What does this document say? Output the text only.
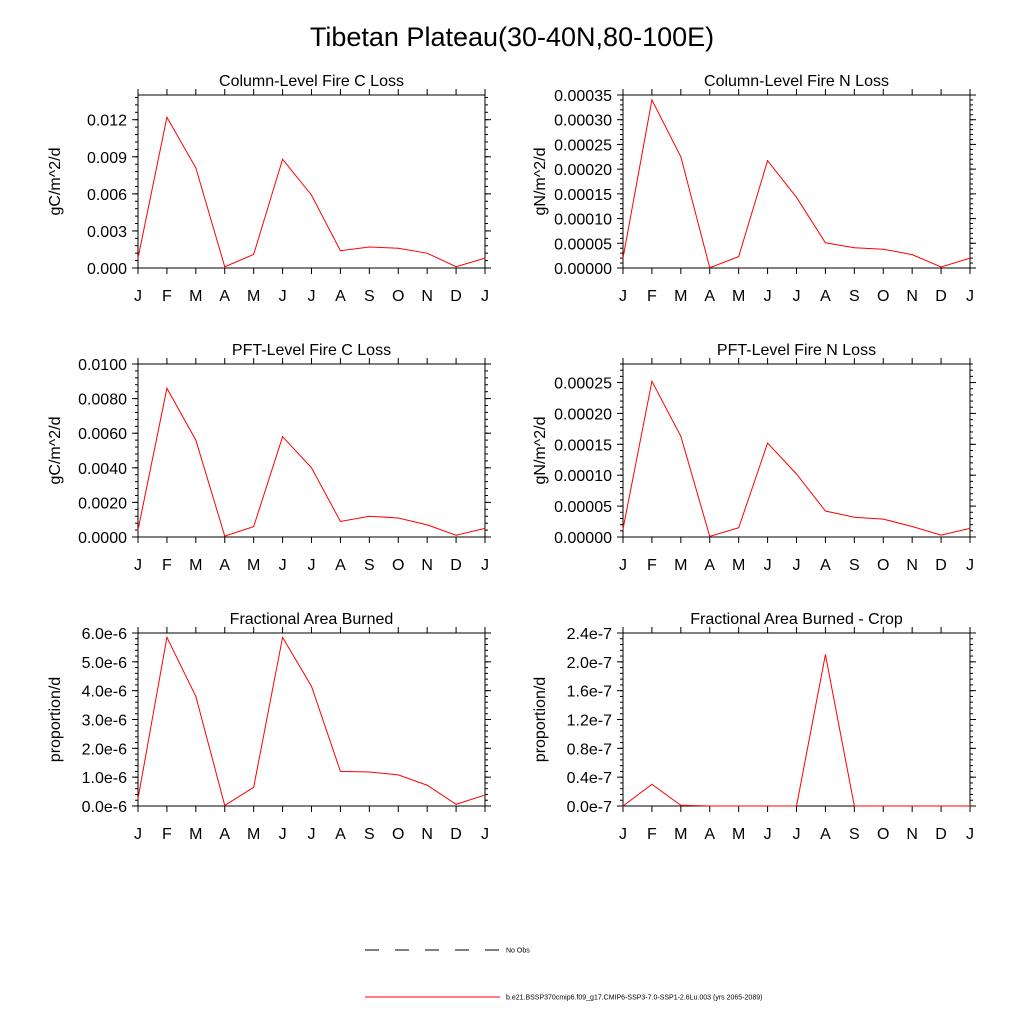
Tibetan Plateau(30-40N,80-100E)
Column-Level Fire C Loss
gC/m^2/d
0.000
0.003
0.006
0.009
0.012
J F M A M J J A S O N D J
Column-Level Fire N Loss
gN/m^2/d
0.00000
0.00005
0.00010
0.00015
0.00020
0.00025
0.00030
0.00035
J F M A M J J A S O N D J
PFT-Level Fire C Loss
gC/m^2/d
0.0000
0.0020
0.0040
0.0060
0.0080
0.0100
J F M A M J J A S O N D J
PFT-Level Fire N Loss
gN/m^2/d
0.00000
0.00005
0.00010
0.00015
0.00020
0.00025
J F M A M J J A S O N D J
Fractional Area Burned
proportion/d
0.0e-6
1.0e-6
2.0e-6
3.0e-6
4.0e-6
5.0e-6
6.0e-6
J F M A M J J A S O N D J
Fractional Area Burned - Crop
proportion/d
0.0e-7
0.4e-7
0.8e-7
1.2e-7
1.6e-7
2.0e-7
2.4e-7
J F M A M J J A S O N D J
No Obs
b.e21.BSSP370cmip6.f09_g17.CMIP6-SSP3-7.0-SSP1-2.6Lu.003 (yrs 2065-2089)
